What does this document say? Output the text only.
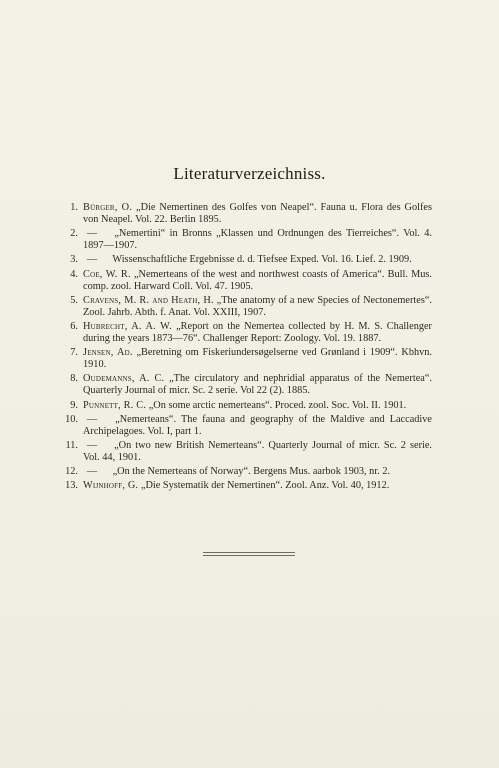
Literaturverzeichniss.
1. Bürger, O. „Die Nemertinen des Golfes von Neapel“. Fauna u. Flora des Golfes von Neapel. Vol. 22. Berlin 1895.
2. — „Nemertini“ in Bronns „Klassen und Ordnungen des Tierreiches“. Vol. 4. 1897—1907.
3. — Wissenschaftliche Ergebnisse d. d. Tiefsee Exped. Vol. 16. Lief. 2. 1909.
4. Coe, W. R. „Nemerteans of the west and northwest coasts of America“. Bull. Mus. comp. zool. Harward Coll. Vol. 47. 1905.
5. Cravens, M. R. and Heath, H. „The anatomy of a new Species of Nectonemertes“. Zool. Jahrb. Abth. f. Anat. Vol. XXIII, 1907.
6. Hubrecht, A. A. W. „Report on the Nemertea collected by H. M. S. Challenger during the years 1873—76“. Challenger Report: Zoology. Vol. 19. 1887.
7. Jensen, Ad. „Beretning om Fiskeriundersøgelserne ved Grønland i 1909“. Kbhvn. 1910.
8. Oudemanns, A. C. „The circulatory and nephridial apparatus of the Nemertea“. Quarterly Journal of micr. Sc. 2 serie. Vol 22 (2). 1885.
9. Punnett, R. C. „On some arctic nemerteans“. Proced. zool. Soc. Vol. II. 1901.
10. — „Nemerteans“. The fauna and geography of the Maldive and Laccadive Archipelagoes. Vol. I, part 1.
11. — „On two new British Nemerteans“. Quarterly Journal of micr. Sc. 2 serie. Vol. 44, 1901.
12. — „On the Nemerteans of Norway“. Bergens Mus. aarbok 1903, nr. 2.
13. Wijnhoff, G. „Die Systematik der Nemertinen“. Zool. Anz. Vol. 40, 1912.
